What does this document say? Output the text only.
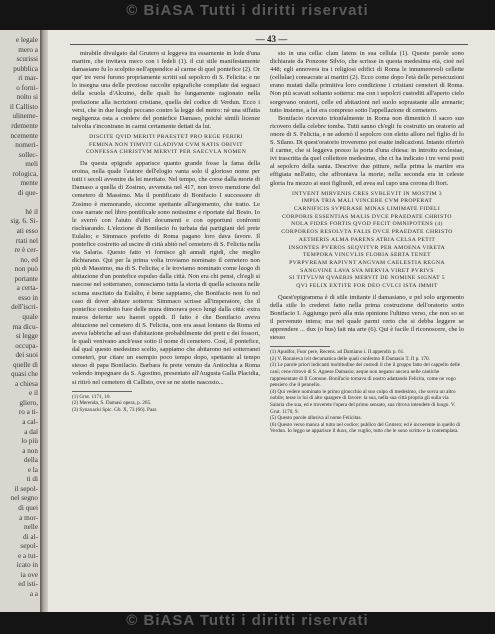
© BiASA Tutti i diritti riservati
e legale
mero a
scurissi
pubblica
ri mar-
o forni-
nolto si
il Callisto
ulineme-
rdemente
ncemente
nomeri-
sollec-
meli
rologica,
mente
di que-
hè il
sig. 6. Si-
ati esso
rtati nel
re è cer-
no, ed
non può
portante
a certa-
esso in
dell'iscri-
quale
ma dicu-
si legge
occupa-
dei suoi
quelle di
quasi che
a chiesa
e il
gliero,
ro a ti-
a cal-
a dal
lo più
a non
della
e la
ti di
il sepol-
nel segno
di quei
a mor-
nelle
di al-
sepol-
e a tut-
icato in
ia ove
ed isti-
a a
— 43 —

mirabile divulgato dal Grutero si leggeva tra essamente in lode d'una martire, che invitava meco con i fedeli (1). il cui stile manifestamente damasiano fu lo scolpito nell'appendice al carme di quel pontefice (2). Or que' tre versi furono propriamente scritti sul sepolcro di S. Felicita: e ne lo insegna una delle preziose raccolte epigrafiche compilate dai seguaci della scuola d'Alcuino, delle quali ho lungamente ragionato nella prefazione alla iscrizioni cristiane, quella del codice di Verdun. Ecco i versi, che in due luoghi peccano contro la legge del metro: nè una siffatta negligenza osta a credere del pontefice Damaso, poichè simili licenze talvolta s'incontrano in carmi certamente dettati da lui.

DISCITE QVID MERITI PRAESTET PRO REGE FERIRI
FEMINA NON TIMVIT GLADIVM CVM NATIS OBIVIT
CONFESSA CHRISTVM MERVIT PER SAECVLA NOMEN

Da questa epigrafe apparisce quanto grande fosse la fama della eroina, nella quale l'autore dell'elogio vanta solo il glorioso nome per tutti i secoli avvenire da lei meritato. Nel tempo, che corse dalla morte di Damaso a quella di Zosimo, avvenuta nel 417, non trovo menzione del cemetero di Massimo. Ma il pontificato di Bonifacio I successore di Zosimo è memorando, siccome spettante all'argomento, che tratto. Le cose narrate nel libro pontificale sono notissime e riportate dal Bosio. Io le sverrò con l'aiuto d'altri documenti e con opportuni confronti rischiarando. L'elezione di Bonifacio fu turbata dai partigiani del prete Eulalio; e Simmaco prefetto di Roma pagano loro dava favore. Il pontefice costretto ad uscire di città abitò nel cemetero di S. Felicita nella via Salaria. Questo fatto vi fornisce gli annali rigidi, che meglio dichiarano. Qui per la prima volta troviamo nominato il cemetero non più di Massimo, ma di S. Felicita; e le troviamo nominato come luogo di abitazione d'un pontefice espulso dalla città. Non era chi pensi, ch'egli si nascose nel sotterraneo, conosciamo tutta la storia di quella scissura nelle scisma suscitato da Eulalio, è bene sappiamo, che Bonifacio non fu nel caso di dover abitare sotterra: Simmaco scrisse all'imperatore, che il pontefice condotto fuor delle mura dimorava poco lungi dalla città: extra muros defertur seu haeret oppidi. Il fatto è che Bonifacio aveva abitazione nel cemetero di S. Felicita, non era assai lontano da Roma ed aveva fabbriche ad uso d'abitazione probabilmente dei preti e dei fossori, le quali venivano anch'esse sotto il nome di cemetero. Così, il pontefice, dal qual questo medesimo scelto, sappiamo che abitarono nei sotterranei cemeteri, pur citare un esempio poco tempo dopo, spettante al tempo stesso di papa Bonifacio. Barbara fu prete venuto da Antiochia a Roma volendo impegnare da S. Agostino, presentato all'Augusta Galla Placidia, si ritirò nel cemetero di Callisto, ove se ne stette nascosto...

(1) Grut. 1171, 10.
(2) Merenda, S. Damasi opera, p. 265.
(3) Synaxachi Spic. Gb. X, 73 (66). Paar.

sto in una cella: clam latens in sua cellula (1). Queste parole sono dichiarate da Ponzone Silvio, che scrisse in questa medesima età, cioè nel 448; egli annovera tra i religiosi edifici di Roma le innumerevoli cellette (cellulae) consacrate ai martiri (2). Ecco come dopo l'età delle persecuzioni erano mutati dalla primitiva loro condizione i cristiani cemeteri di Roma. Non più scavati soltanto sotterra: ma con i sepolcri custoditi all'aperto cielo sorgevano oratorii, celle ed abitazioni nel suolo soprastante alle arenarie; tutto insieme, a lui era compreso sotto l'appellazione di cemetero.

Bonifacio ricevuto trionfalmente in Roma non dimenticò il sacro suo ricovero della celebre tomba. Tutti sanno ch'egli fu costruito un oratorio ad onore di S. Felicita, e ne adornò il sepolcro con eletto alloro nel figlio di lo S. Silano. Di quest'oratorio troveremo poi esatte indicazioni. Intanto riferirò il carme, che si leggeva presso la porta d'una chiesa: in introitu ecclesiae, ivi trascritta da quel collettore medesimo, che ci ha indicato i tre versi posti al sepolcro della santa. Descrive due pitture, nella prima la martire era effigiata nell'atto, che affrontava la morte; nella seconda era in celeste gloria fra mezzo ai suoi figliuoli, ed avea sul capo una corona di fiori.

INTVENT MIRVENIS CRES SVBLEVIT IN MOSTIM 3
IMPIA TRIA MALI VINCERE CVM PROPERAT
CARNIFICIS SVPERASE MINAS LIMIMATE FIDELI
CORPORIS ESSENTIAS MALIS DVCE PRAEDATE CHRISTO
NOLA FIDES FORTIS QVOD FECIT OMNIPOTENS (4)
CORPOREOS RESOLVTA FALIS DVCE PRAEDATE CHRISTO
AETHERIS ALMA PARENS ATRIA CELSA PETIT
INSONTES PVEROS SEQVITVR PER AMOENA VIRETA
TEMPORA VINCVLIS FLORIA SERTA TENET
PVRPVREAM RAPIVNT ANGVAM CAELESTIA REGNA
SANGVINE LAVA SVA MERVIA VIRET PVRIVS
SI TITVLVM QVAERIS MERVIT DE NOMINE SIGNAT 5
QVI FELIX EXTITE FOR DEO CVLCI ISTA IMMIT

Quest'epigramma è di stile imitante il damasiano, e pel solo argomento della stile lo crederei fatto nella prima costruzione dell'oratorio sotto Bonifacio I. Aggiungo però alla mia opinione l'ultimo verso, che non so se il pervenuto intera; ma nel quale parmi certo che si debba leggere se apprendere ... dux (o bus) fait nta arte (6). Qui è facile il riconoscere, che lo stesso

(1) Apudfor, Fuor pere, Recens. ad Damiano i. II appendix p. 61.
(2) V. Ronnieva ivit decumatica delle quali confermo Il Damasio T. II p. 170.
(3) Le parole priori indicanti moltitudine dei custodi il che il gruppo fatto del cappello delle cani; cene ritrovò di S. Agnese Damasio; aeque non negatur ancora nelle cantiche rappresentate di Il Comune. Bonifacio tornava di nostro adattando Felicita, come ne vogo pensiero che il pennello.
(4) Qui vedere nominato le primo ginocchio al suo colpo di medesimo, che sovra un altro nobile; tesse in lui di alto spargere di favore: la sua, nella sua città propria gli sulla via Salaria che sua, ed e troverete l'opera del primo sensato, sua ritrova intendete di luogo. V. Grut. 1170, 9.
(5) Questo parole allusiva al nome Felicitas.
(6) Questo verso manca al tutto nel codice; publico del Grutero; ed è incoerente in quello di Verdun. Io leggo se apparisce il duxs, che vuglio, tutto che le sono scritto e la contemplata.
© BiASA Tutti i diritti riservati
